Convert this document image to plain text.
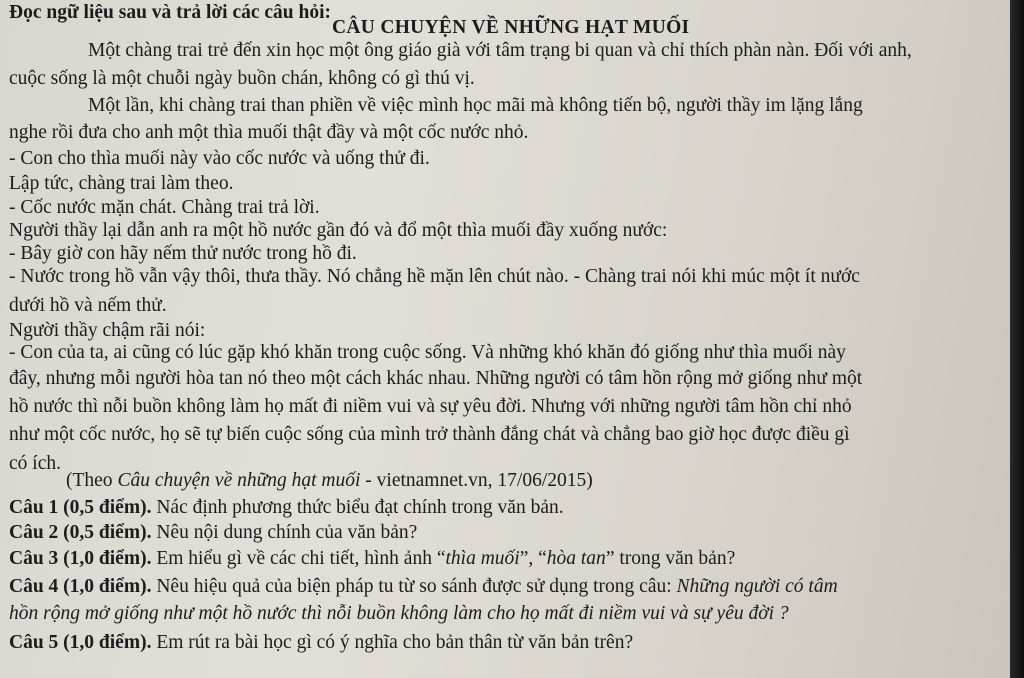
Đọc ngữ liệu sau và trả lời các câu hỏi:
CÂU CHUYỆN VỀ NHỮNG HẠT MUỐI
Một chàng trai trẻ đến xin học một ông giáo già với tâm trạng bi quan và chỉ thích phàn nàn. Đối với anh,
cuộc sống là một chuỗi ngày buồn chán, không có gì thú vị.
Một lần, khi chàng trai than phiền về việc mình học mãi mà không tiến bộ, người thầy im lặng lắng
nghe rồi đưa cho anh một thìa muối thật đầy và một cốc nước nhỏ.
- Con cho thìa muối này vào cốc nước và uống thử đi.
Lập tức, chàng trai làm theo.
- Cốc nước mặn chát. Chàng trai trả lời.
Người thầy lại dẫn anh ra một hồ nước gần đó và đổ một thìa muối đầy xuống nước:
- Bây giờ con hãy nếm thử nước trong hồ đi.
- Nước trong hồ vẫn vậy thôi, thưa thầy. Nó chẳng hề mặn lên chút nào. - Chàng trai nói khi múc một ít nước
dưới hồ và nếm thử.
Người thầy chậm rãi nói:
- Con của ta, ai cũng có lúc gặp khó khăn trong cuộc sống. Và những khó khăn đó giống như thìa muối này
đây, nhưng mỗi người hòa tan nó theo một cách khác nhau. Những người có tâm hồn rộng mở giống như một
hồ nước thì nỗi buồn không làm họ mất đi niềm vui và sự yêu đời. Nhưng với những người tâm hồn chỉ nhỏ
như một cốc nước, họ sẽ tự biến cuộc sống của mình trở thành đắng chát và chẳng bao giờ học được điều gì
có ích.
(Theo Câu chuyện về những hạt muối - vietnamnet.vn, 17/06/2015)
Câu 1 (0,5 điểm). Nác định phương thức biểu đạt chính trong văn bản.
Câu 2 (0,5 điểm). Nêu nội dung chính của văn bản?
Câu 3 (1,0 điểm). Em hiểu gì về các chi tiết, hình ảnh “thìa muối”, “hòa tan” trong văn bản?
Câu 4 (1,0 điểm). Nêu hiệu quả của biện pháp tu từ so sánh được sử dụng trong câu: Những người có tâm
hồn rộng mở giống như một hồ nước thì nỗi buồn không làm cho họ mất đi niềm vui và sự yêu đời ?
Câu 5 (1,0 điểm). Em rút ra bài học gì có ý nghĩa cho bản thân từ văn bản trên?
